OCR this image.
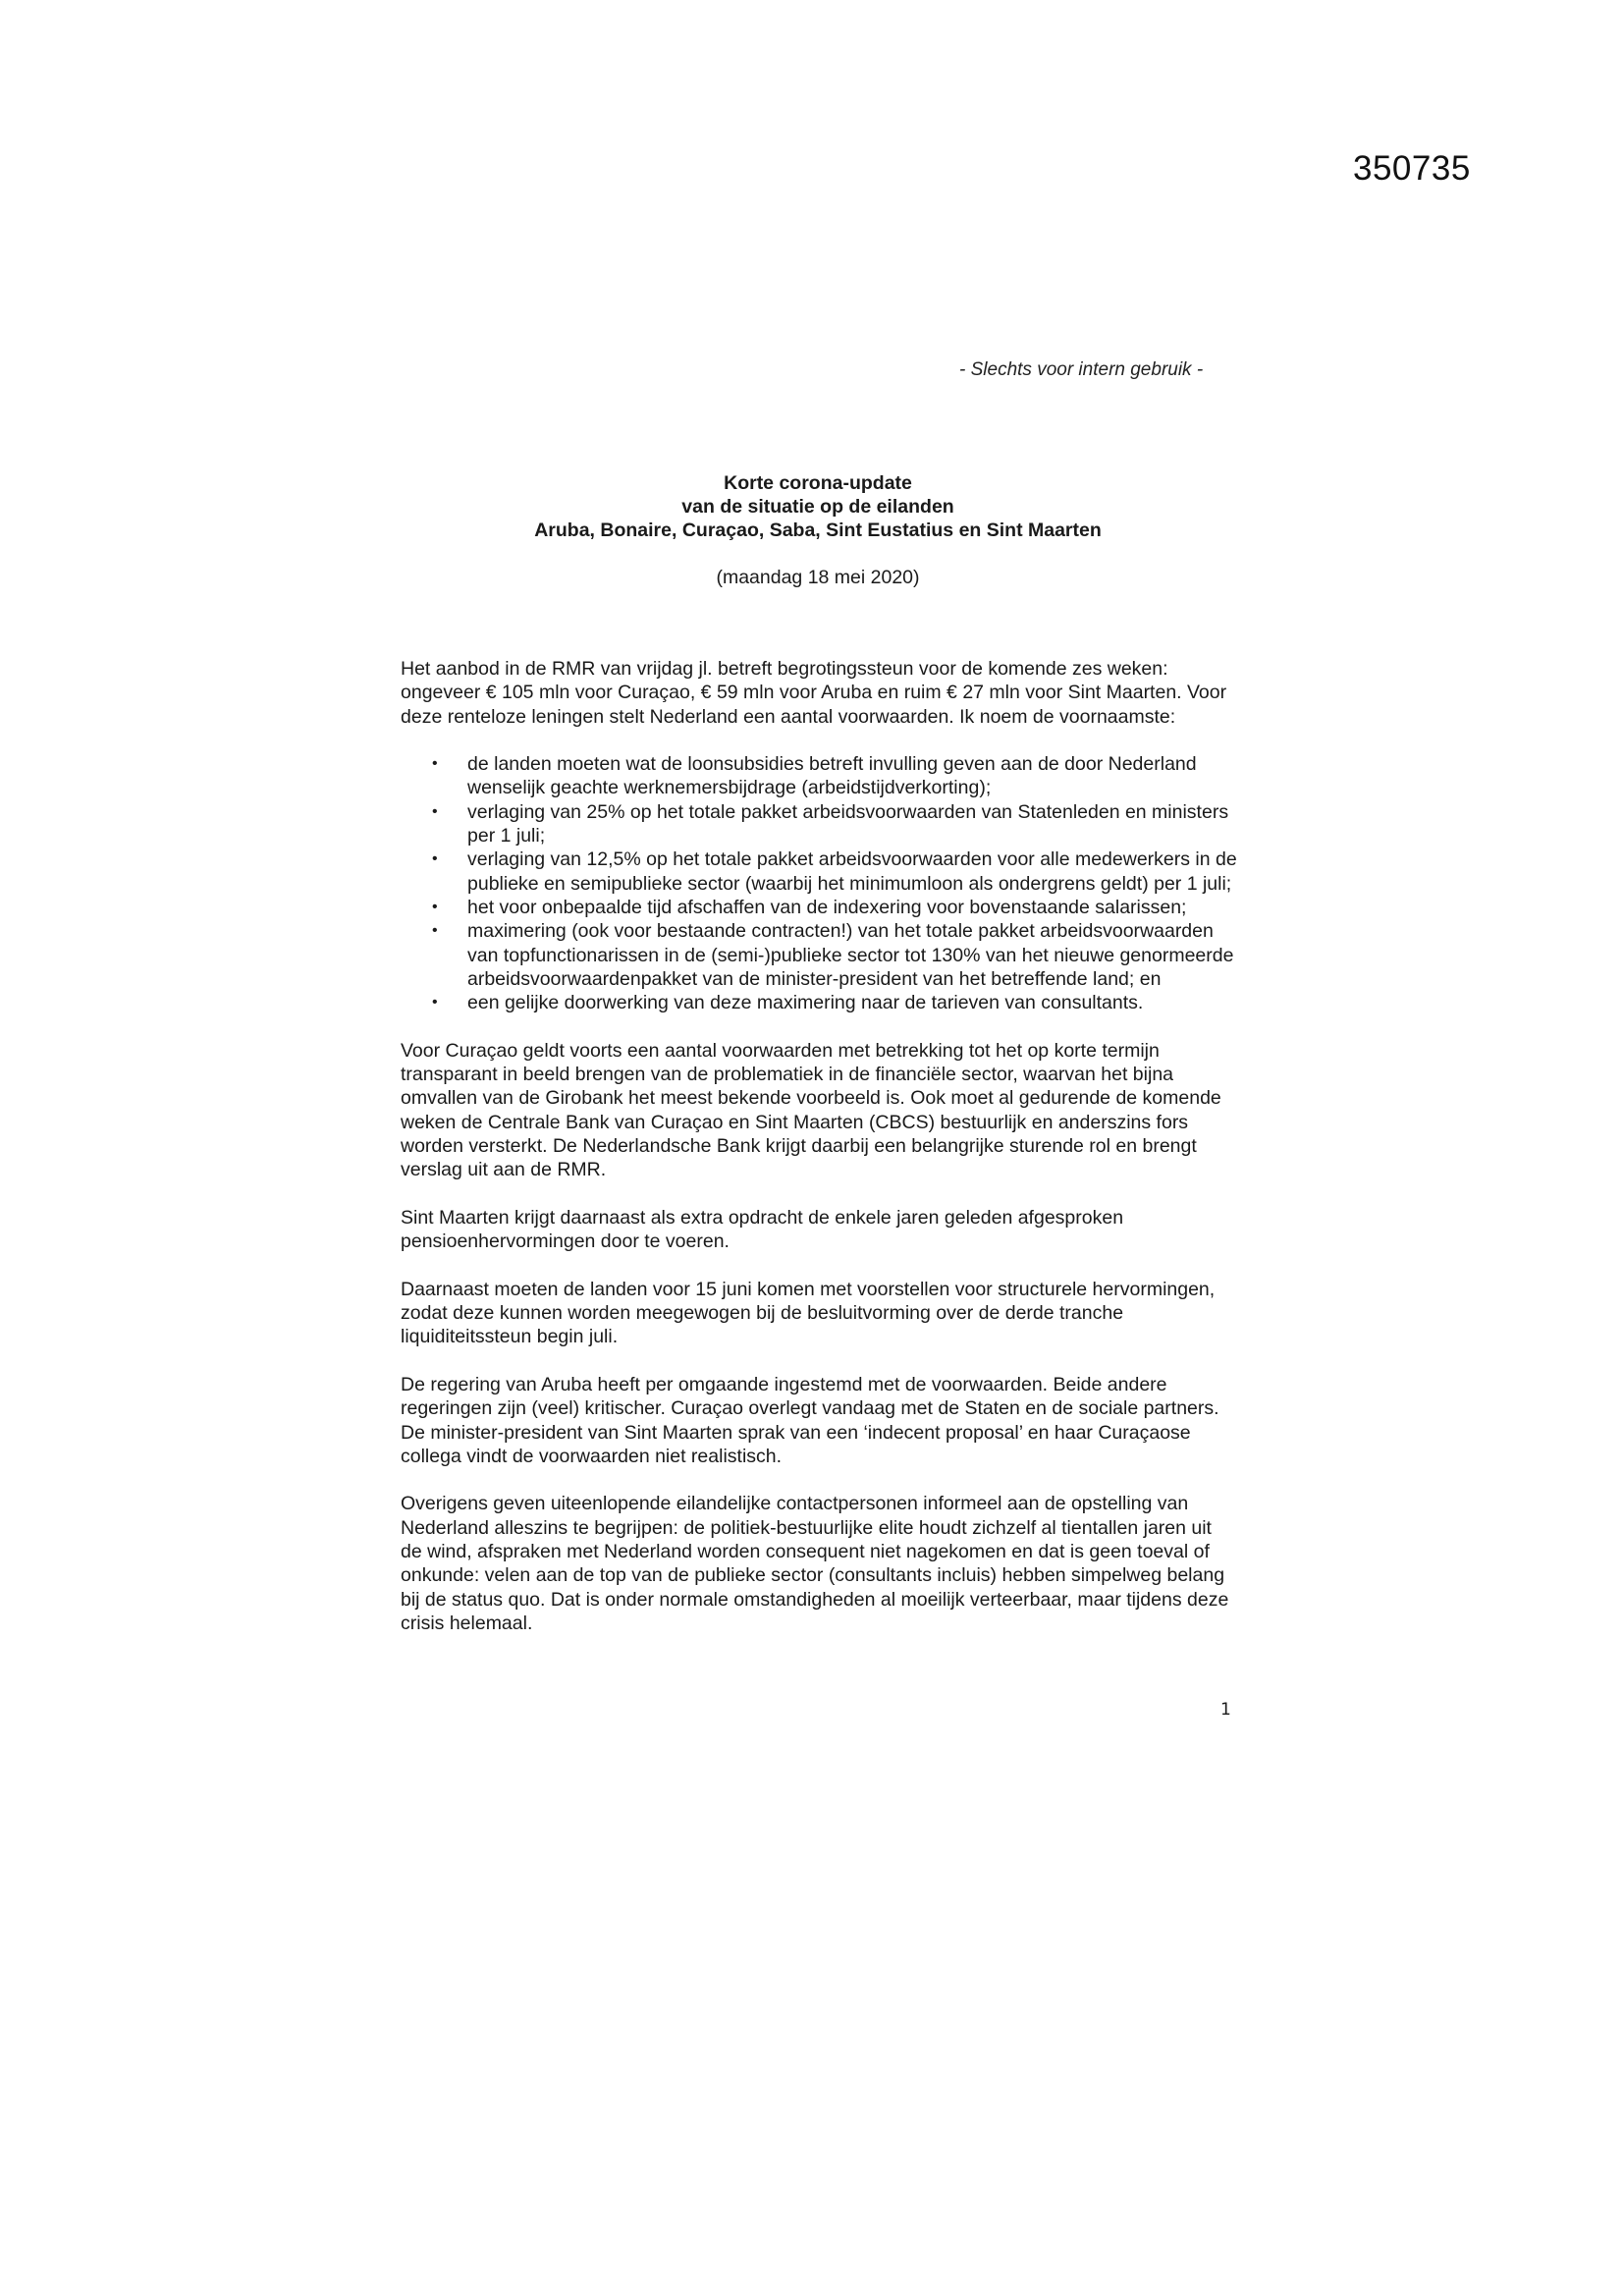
350735
- Slechts voor intern gebruik -
Korte corona-update
van de situatie op de eilanden
Aruba, Bonaire, Curaçao, Saba, Sint Eustatius en Sint Maarten
(maandag 18 mei 2020)

Het aanbod in de RMR van vrijdag jl. betreft begrotingssteun voor de komende zes weken: ongeveer € 105 mln voor Curaçao, € 59 mln voor Aruba en ruim € 27 mln voor Sint Maarten. Voor deze renteloze leningen stelt Nederland een aantal voorwaarden. Ik noem de voornaamste:

• de landen moeten wat de loonsubsidies betreft invulling geven aan de door Nederland wenselijk geachte werknemersbijdrage (arbeidstijdverkorting);
• verlaging van 25% op het totale pakket arbeidsvoorwaarden van Statenleden en ministers per 1 juli;
• verlaging van 12,5% op het totale pakket arbeidsvoorwaarden voor alle medewerkers in de publieke en semipublieke sector (waarbij het minimumloon als ondergrens geldt) per 1 juli;
• het voor onbepaalde tijd afschaffen van de indexering voor bovenstaande salarissen;
• maximering (ook voor bestaande contracten!) van het totale pakket arbeidsvoorwaarden van topfunctionarissen in de (semi-)publieke sector tot 130% van het nieuwe genormeerde arbeidsvoorwaardenpakket van de minister-president van het betreffende land; en
• een gelijke doorwerking van deze maximering naar de tarieven van consultants.

Voor Curaçao geldt voorts een aantal voorwaarden met betrekking tot het op korte termijn transparant in beeld brengen van de problematiek in de financiële sector, waarvan het bijna omvallen van de Girobank het meest bekende voorbeeld is. Ook moet al gedurende de komende weken de Centrale Bank van Curaçao en Sint Maarten (CBCS) bestuurlijk en anderszins fors worden versterkt. De Nederlandsche Bank krijgt daarbij een belangrijke sturende rol en brengt verslag uit aan de RMR.

Sint Maarten krijgt daarnaast als extra opdracht de enkele jaren geleden afgesproken pensioenhervormingen door te voeren.

Daarnaast moeten de landen voor 15 juni komen met voorstellen voor structurele hervormingen, zodat deze kunnen worden meegewogen bij de besluitvorming over de derde tranche liquiditeitssteun begin juli.

De regering van Aruba heeft per omgaande ingestemd met de voorwaarden. Beide andere regeringen zijn (veel) kritischer. Curaçao overlegt vandaag met de Staten en de sociale partners. De minister-president van Sint Maarten sprak van een ‘indecent proposal’ en haar Curaçaose collega vindt de voorwaarden niet realistisch.

Overigens geven uiteenlopende eilandelijke contactpersonen informeel aan de opstelling van Nederland alleszins te begrijpen: de politiek-bestuurlijke elite houdt zichzelf al tientallen jaren uit de wind, afspraken met Nederland worden consequent niet nagekomen en dat is geen toeval of onkunde: velen aan de top van de publieke sector (consultants incluis) hebben simpelweg belang bij de status quo. Dat is onder normale omstandigheden al moeilijk verteerbaar, maar tijdens deze crisis helemaal.

1
